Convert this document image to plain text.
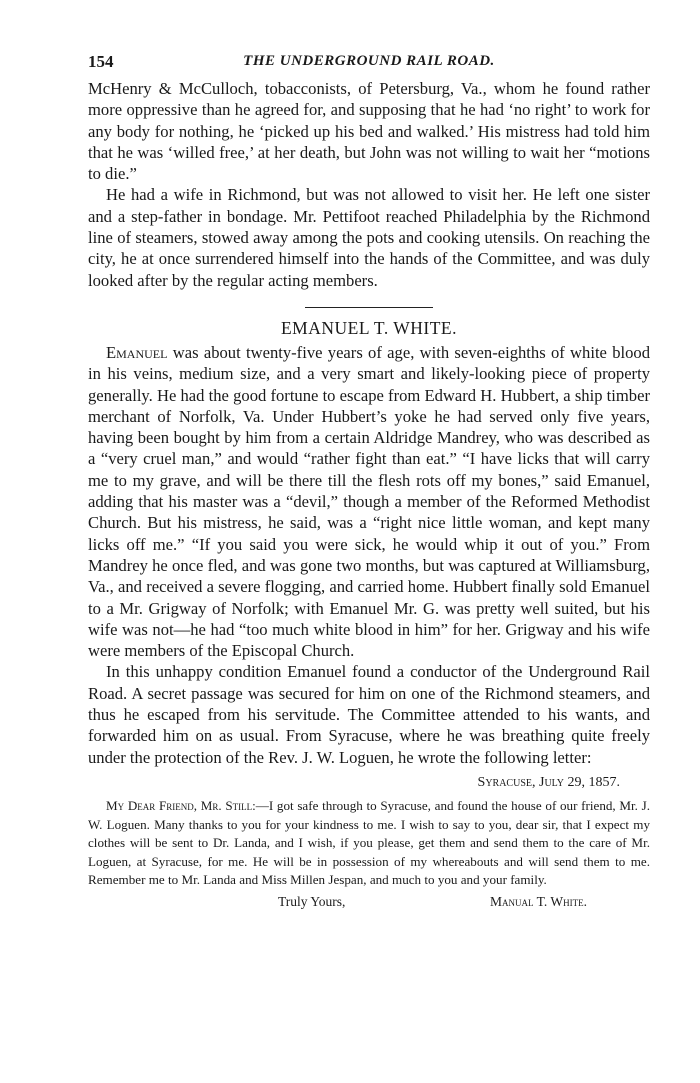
154	THE UNDERGROUND RAIL ROAD.

McHenry & McCulloch, tobacconists, of Petersburg, Va., whom he found rather more oppressive than he agreed for, and supposing that he had ‘no right’ to work for any body for nothing, he ‘picked up his bed and walked.’ His mistress had told him that he was ‘willed free,’ at her death, but John was not willing to wait her “motions to die.”

He had a wife in Richmond, but was not allowed to visit her. He left one sister and a step-father in bondage. Mr. Pettifoot reached Philadelphia by the Richmond line of steamers, stowed away among the pots and cooking utensils. On reaching the city, he at once surrendered himself into the hands of the Committee, and was duly looked after by the regular acting members.

EMANUEL T. WHITE.

Emanuel was about twenty-five years of age, with seven-eighths of white blood in his veins, medium size, and a very smart and likely-looking piece of property generally. He had the good fortune to escape from Edward H. Hubbert, a ship timber merchant of Norfolk, Va. Under Hubbert’s yoke he had served only five years, having been bought by him from a certain Aldridge Mandrey, who was described as a “very cruel man,” and would “rather fight than eat.” “I have licks that will carry me to my grave, and will be there till the flesh rots off my bones,” said Emanuel, adding that his master was a “devil,” though a member of the Reformed Methodist Church. But his mistress, he said, was a “right nice little woman, and kept many licks off me.” “If you said you were sick, he would whip it out of you.” From Mandrey he once fled, and was gone two months, but was captured at Williamsburg, Va., and received a severe flogging, and carried home. Hubbert finally sold Emanuel to a Mr. Grigway of Norfolk; with Emanuel Mr. G. was pretty well suited, but his wife was not—he had “too much white blood in him” for her. Grigway and his wife were members of the Episcopal Church.

In this unhappy condition Emanuel found a conductor of the Underground Rail Road. A secret passage was secured for him on one of the Richmond steamers, and thus he escaped from his servitude. The Committee attended to his wants, and forwarded him on as usual. From Syracuse, where he was breathing quite freely under the protection of the Rev. J. W. Loguen, he wrote the following letter:

Syracuse, July 29, 1857.

My Dear Friend, Mr. Still:—I got safe through to Syracuse, and found the house of our friend, Mr. J. W. Loguen. Many thanks to you for your kindness to me. I wish to say to you, dear sir, that I expect my clothes will be sent to Dr. Landa, and I wish, if you please, get them and send them to the care of Mr. Loguen, at Syracuse, for me. He will be in possession of my whereabouts and will send them to me. Remember me to Mr. Landa and Miss Millen Jespan, and much to you and your family.

Truly Yours,	Manual T. White.
